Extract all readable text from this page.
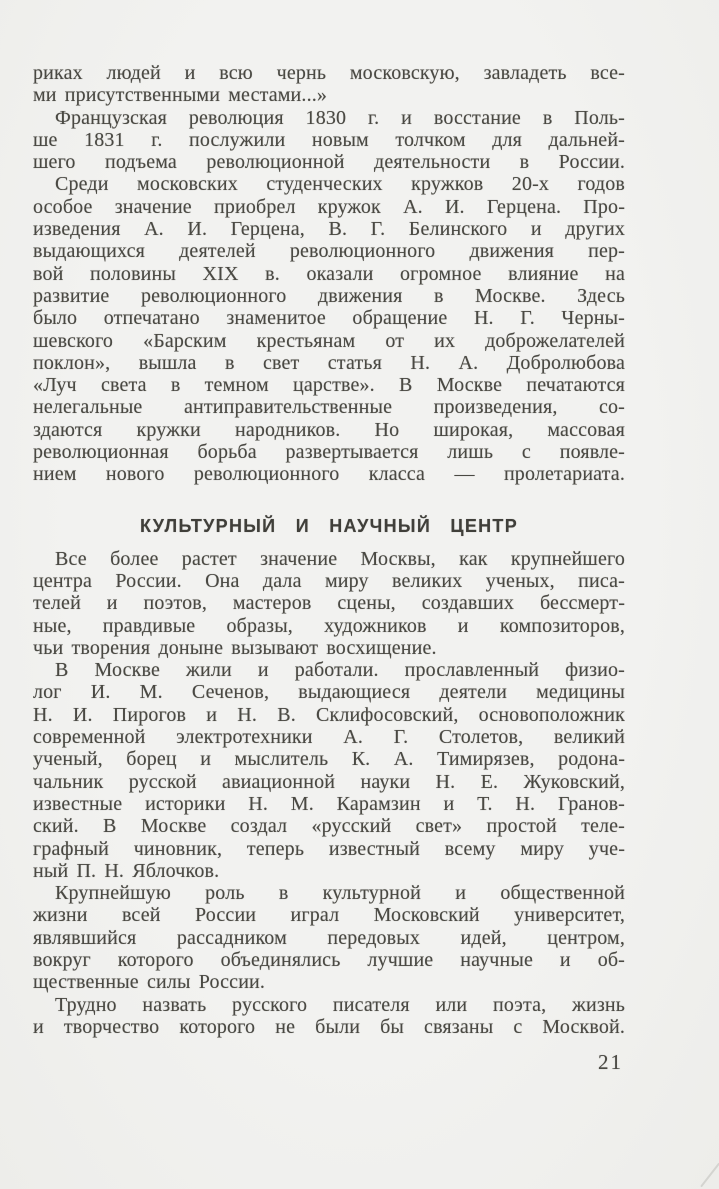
риках людей и всю чернь московскую, завладеть все-
ми присутственными местами...»
Французская революция 1830 г. и восстание в Поль-
ше 1831 г. послужили новым толчком для дальней-
шего подъема революционной деятельности в России.
Среди московских студенческих кружков 20-х годов
особое значение приобрел кружок А. И. Герцена. Про-
изведения А. И. Герцена, В. Г. Белинского и других
выдающихся деятелей революционного движения пер-
вой половины XIX в. оказали огромное влияние на
развитие революционного движения в Москве. Здесь
было отпечатано знаменитое обращение Н. Г. Черны-
шевского «Барским крестьянам от их доброжелателей
поклон», вышла в свет статья Н. А. Добролюбова
«Луч света в темном царстве». В Москве печатаются
нелегальные антиправительственные произведения, со-
здаются кружки народников. Но широкая, массовая
революционная борьба развертывается лишь с появле-
нием нового революционного класса — пролетариата.
КУЛЬТУРНЫЙ И НАУЧНЫЙ ЦЕНТР
Все более растет значение Москвы, как крупнейшего
центра России. Она дала миру великих ученых, писа-
телей и поэтов, мастеров сцены, создавших бессмерт-
ные, правдивые образы, художников и композиторов,
чьи творения доныне вызывают восхищение.
В Москве жили и работали. прославленный физио-
лог И. М. Сеченов, выдающиеся деятели медицины
Н. И. Пирогов и Н. В. Склифосовский, основоположник
современной электротехники А. Г. Столетов, великий
ученый, борец и мыслитель К. А. Тимирязев, родона-
чальник русской авиационной науки Н. Е. Жуковский,
известные историки Н. М. Карамзин и Т. Н. Гранов-
ский. В Москве создал «русский свет» простой теле-
графный чиновник, теперь известный всему миру уче-
ный П. Н. Яблочков.
Крупнейшую роль в культурной и общественной
жизни всей России играл Московский университет,
являвшийся рассадником передовых идей, центром,
вокруг которого объединялись лучшие научные и об-
щественные силы России.
Трудно назвать русского писателя или поэта, жизнь
и творчество которого не были бы связаны с Москвой.
21
